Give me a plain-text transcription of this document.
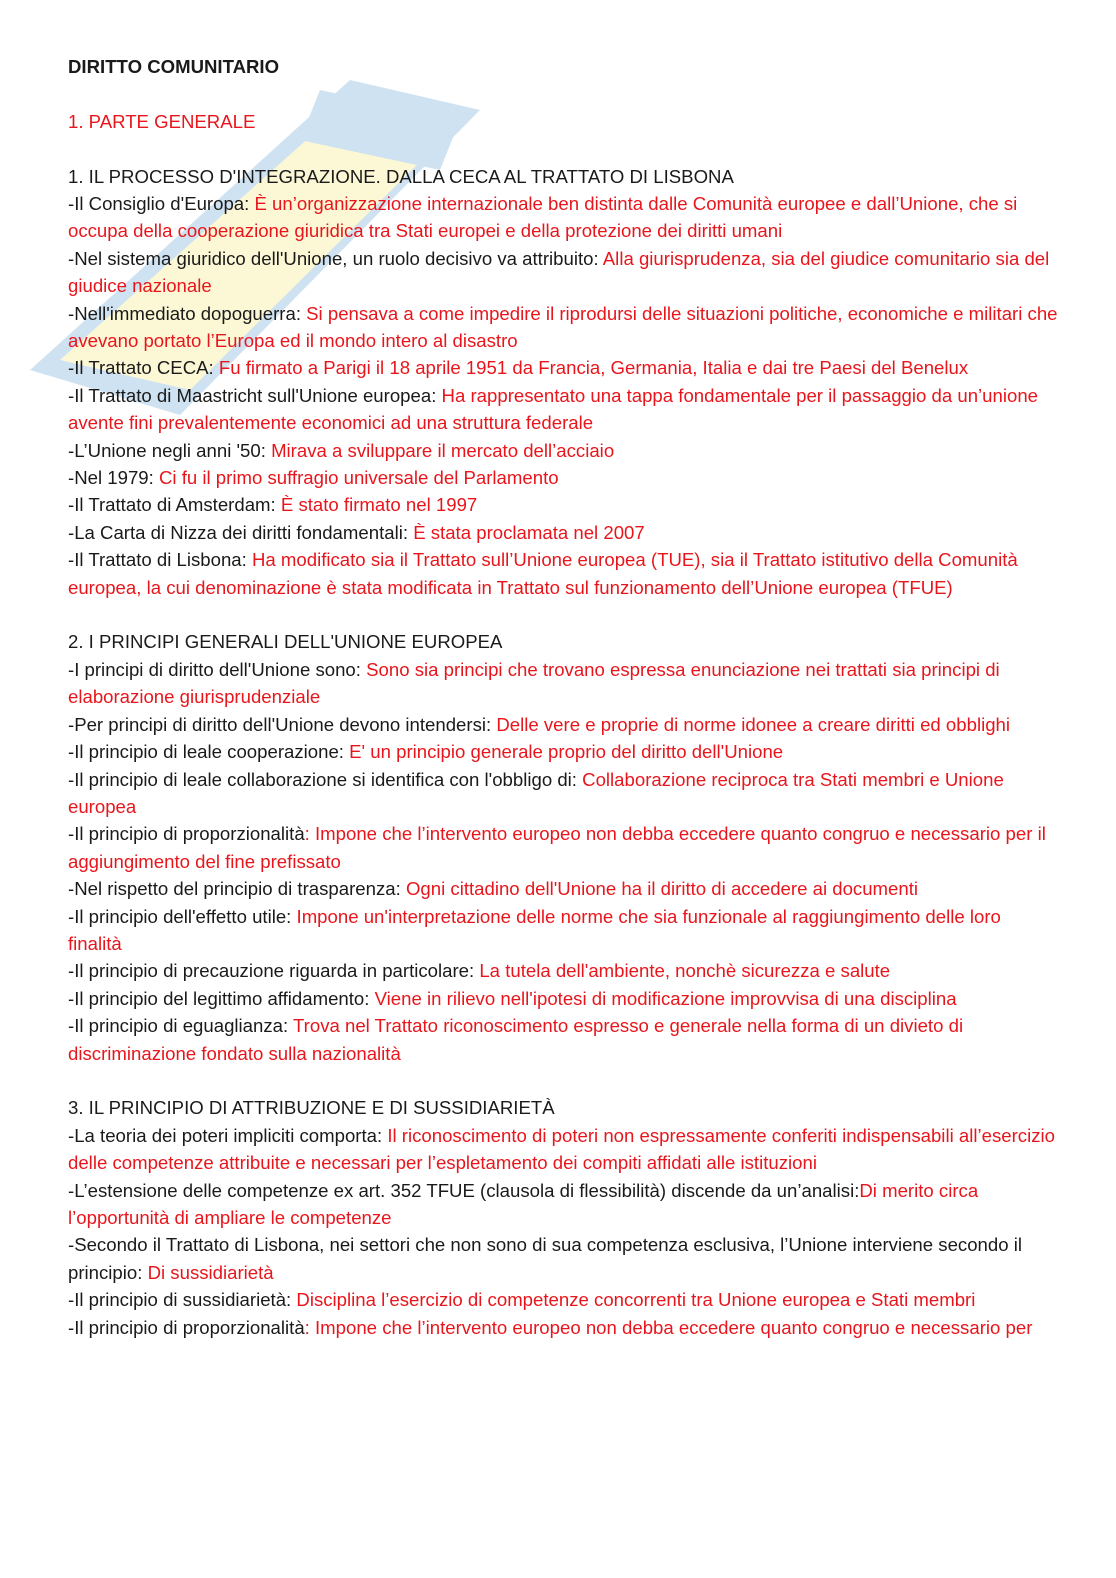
DIRITTO COMUNITARIO
1. PARTE GENERALE
1. IL PROCESSO D'INTEGRAZIONE. DALLA CECA AL TRATTATO DI LISBONA
-Il Consiglio d'Europa: È un’organizzazione internazionale ben distinta dalle Comunità europee e dall’Unione, che si occupa della cooperazione giuridica tra Stati europei e della protezione dei diritti umani
-Nel sistema giuridico dell'Unione, un ruolo decisivo va attribuito: Alla giurisprudenza, sia del giudice comunitario sia del giudice nazionale
-Nell'immediato dopoguerra: Si pensava a come impedire il riprodursi delle situazioni politiche, economiche e militari che avevano portato l’Europa ed il mondo intero al disastro
-Il Trattato CECA: Fu firmato a Parigi il 18 aprile 1951 da Francia, Germania, Italia e dai tre Paesi del Benelux
-Il Trattato di Maastricht sull'Unione europea: Ha rappresentato una tappa fondamentale per il passaggio da un’unione avente fini prevalentemente economici ad una struttura federale
-L’Unione negli anni '50: Mirava a sviluppare il mercato dell’acciaio
-Nel 1979: Ci fu il primo suffragio universale del Parlamento
-Il Trattato di Amsterdam: È stato firmato nel 1997
-La Carta di Nizza dei diritti fondamentali: È stata proclamata nel 2007
-Il Trattato di Lisbona: Ha modificato sia il Trattato sull’Unione europea (TUE), sia il Trattato istitutivo della Comunità europea, la cui denominazione è stata modificata in Trattato sul funzionamento dell’Unione europea (TFUE)
2. I PRINCIPI GENERALI DELL'UNIONE EUROPEA
-I principi di diritto dell'Unione sono: Sono sia principi che trovano espressa enunciazione nei trattati sia principi di elaborazione giurisprudenziale
-Per principi di diritto dell'Unione devono intendersi: Delle vere e proprie di norme idonee a creare diritti ed obblighi
-Il principio di leale cooperazione: E' un principio generale proprio del diritto dell'Unione
-Il principio di leale collaborazione si identifica con l'obbligo di: Collaborazione reciproca tra Stati membri e Unione europea
-Il principio di proporzionalità: Impone che l’intervento europeo non debba eccedere quanto congruo e necessario per il aggiungimento del fine prefissato
-Nel rispetto del principio di trasparenza: Ogni cittadino dell'Unione ha il diritto di accedere ai documenti
-Il principio dell'effetto utile: Impone un'interpretazione delle norme che sia funzionale al raggiungimento delle loro finalità
-Il principio di precauzione riguarda in particolare: La tutela dell'ambiente, nonchè sicurezza e salute
-Il principio del legittimo affidamento: Viene in rilievo nell'ipotesi di modificazione improvvisa di una disciplina
-Il principio di eguaglianza: Trova nel Trattato riconoscimento espresso e generale nella forma di un divieto di discriminazione fondato sulla nazionalità
3. IL PRINCIPIO DI ATTRIBUZIONE E DI SUSSIDIARIETÀ
-La teoria dei poteri impliciti comporta: Il riconoscimento di poteri non espressamente conferiti indispensabili all’esercizio delle competenze attribuite e necessari per l’espletamento dei compiti affidati alle istituzioni
-L’estensione delle competenze ex art. 352 TFUE (clausola di flessibilità) discende da un’analisi:Di merito circa l’opportunità di ampliare le competenze
-Secondo il Trattato di Lisbona, nei settori che non sono di sua competenza esclusiva, l’Unione interviene secondo il principio: Di sussidiarietà
-Il principio di sussidiarietà: Disciplina l’esercizio di competenze concorrenti tra Unione europea e Stati membri
-Il principio di proporzionalità: Impone che l’intervento europeo non debba eccedere quanto congruo e necessario per
